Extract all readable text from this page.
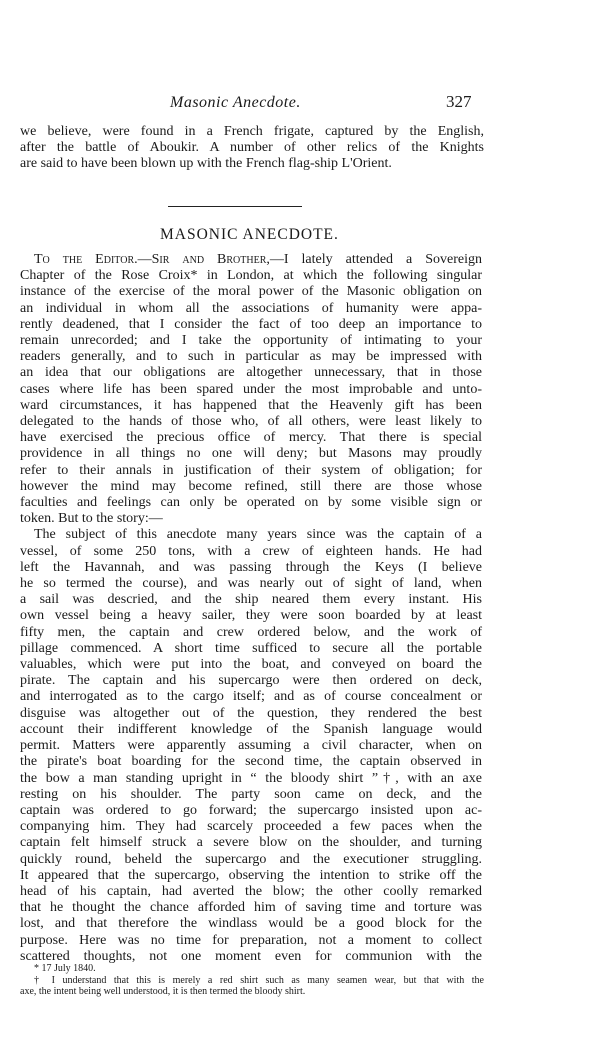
Masonic Anecdote.	327
we believe, were found in a French frigate, captured by the English,
after the battle of Aboukir. A number of other relics of the Knights
are said to have been blown up with the French flag-ship L'Orient.
MASONIC ANECDOTE.
To the Editor.—Sir and Brother,—I lately attended a Sovereign
Chapter of the Rose Croix* in London, at which the following singular
instance of the exercise of the moral power of the Masonic obligation on
an individual in whom all the associations of humanity were appa-
rently deadened, that I consider the fact of too deep an importance to
remain unrecorded; and I take the opportunity of intimating to your
readers generally, and to such in particular as may be impressed with
an idea that our obligations are altogether unnecessary, that in those
cases where life has been spared under the most improbable and unto-
ward circumstances, it has happened that the Heavenly gift has been
delegated to the hands of those who, of all others, were least likely to
have exercised the precious office of mercy. That there is special
providence in all things no one will deny; but Masons may proudly
refer to their annals in justification of their system of obligation; for
however the mind may become refined, still there are those whose
faculties and feelings can only be operated on by some visible sign or
token. But to the story:—
The subject of this anecdote many years since was the captain of a
vessel, of some 250 tons, with a crew of eighteen hands. He had
left the Havannah, and was passing through the Keys (I believe
he so termed the course), and was nearly out of sight of land, when
a sail was descried, and the ship neared them every instant. His
own vessel being a heavy sailer, they were soon boarded by at least
fifty men, the captain and crew ordered below, and the work of
pillage commenced. A short time sufficed to secure all the portable
valuables, which were put into the boat, and conveyed on board the
pirate. The captain and his supercargo were then ordered on deck,
and interrogated as to the cargo itself; and as of course concealment or
disguise was altogether out of the question, they rendered the best
account their indifferent knowledge of the Spanish language would
permit. Matters were apparently assuming a civil character, when on
the pirate's boat boarding for the second time, the captain observed in
the bow a man standing upright in “ the bloody shirt ”†, with an axe
resting on his shoulder. The party soon came on deck, and the
captain was ordered to go forward; the supercargo insisted upon ac-
companying him. They had scarcely proceeded a few paces when the
captain felt himself struck a severe blow on the shoulder, and turning
quickly round, beheld the supercargo and the executioner struggling.
It appeared that the supercargo, observing the intention to strike off the
head of his captain, had averted the blow; the other coolly remarked
that he thought the chance afforded him of saving time and torture was
lost, and that therefore the windlass would be a good block for the
purpose. Here was no time for preparation, not a moment to collect
scattered thoughts, not one moment even for communion with the
* 17 July 1840.
† I understand that this is merely a red shirt such as many seamen wear, but that with the
axe, the intent being well understood, it is then termed the bloody shirt.
